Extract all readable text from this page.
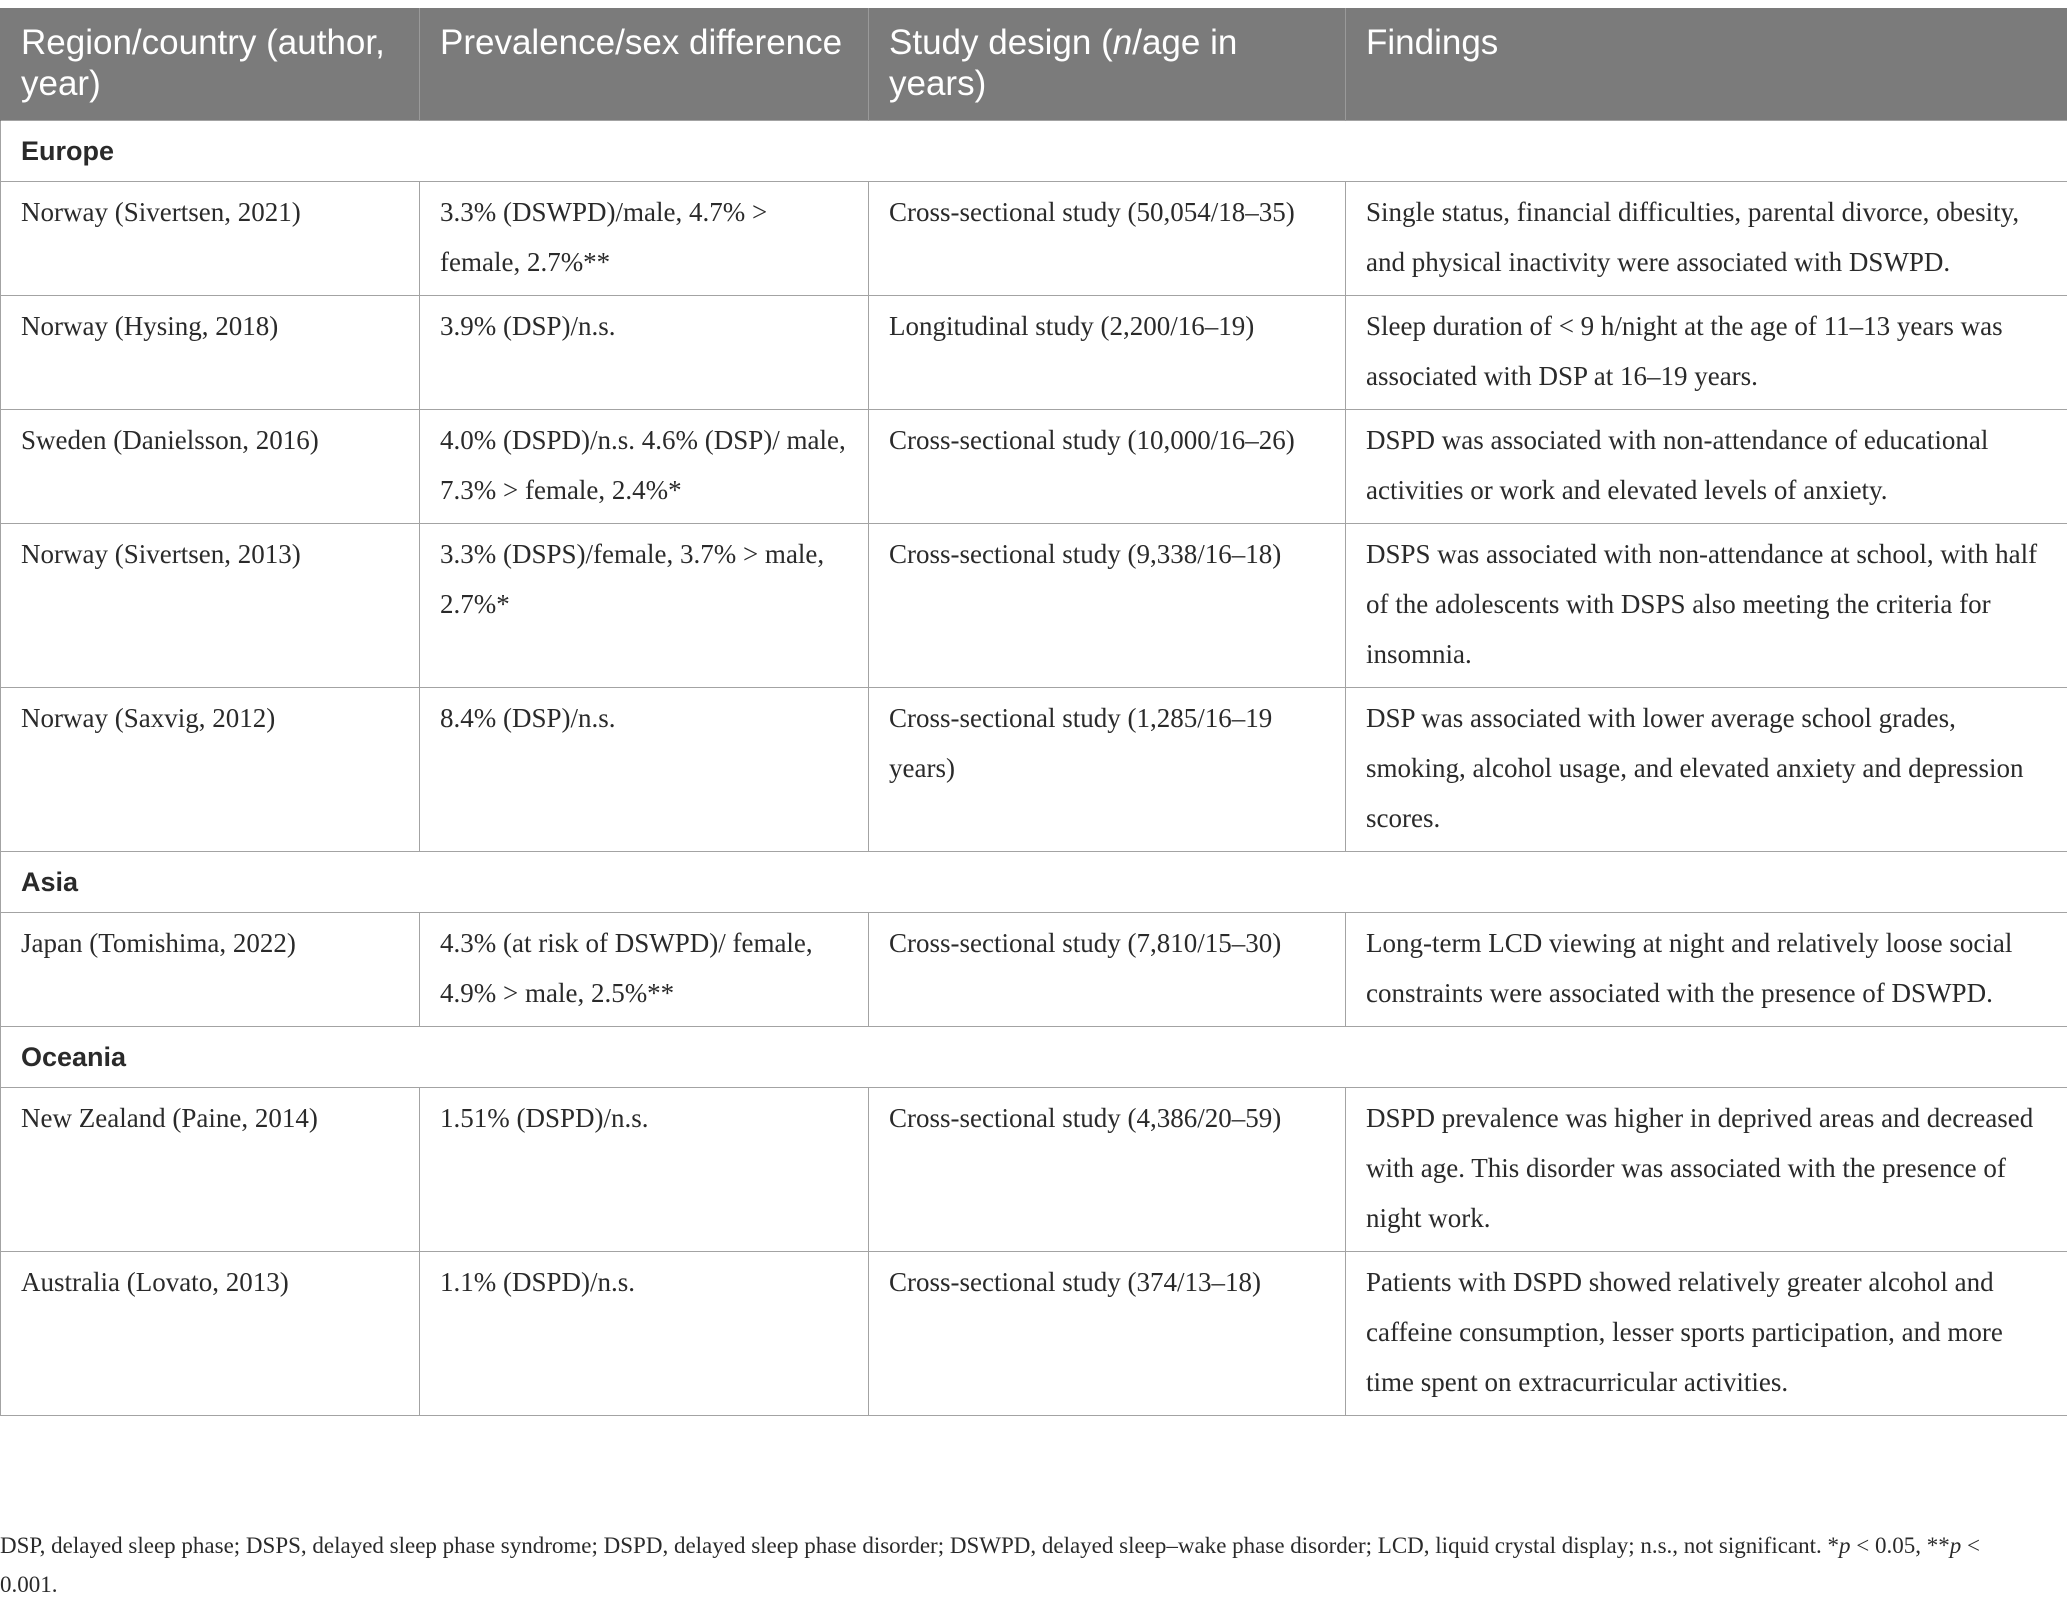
Region/country (author, year)	Prevalence/sex difference	Study design (n/age in years)	Findings
Europe			
Norway (Sivertsen, 2021)	3.3% (DSWPD)/male, 4.7% > female, 2.7%**	Cross-sectional study (50,054/18–35)	Single status, financial difficulties, parental divorce, obesity, and physical inactivity were associated with DSWPD.
Norway (Hysing, 2018)	3.9% (DSP)/n.s.	Longitudinal study (2,200/16–19)	Sleep duration of < 9 h/night at the age of 11–13 years was associated with DSP at 16–19 years.
Sweden (Danielsson, 2016)	4.0% (DSPD)/n.s. 4.6% (DSP)/ male, 7.3% > female, 2.4%*	Cross-sectional study (10,000/16–26)	DSPD was associated with non-attendance of educational activities or work and elevated levels of anxiety.
Norway (Sivertsen, 2013)	3.3% (DSPS)/female, 3.7% > male, 2.7%*	Cross-sectional study (9,338/16–18)	DSPS was associated with non-attendance at school, with half of the adolescents with DSPS also meeting the criteria for insomnia.
Norway (Saxvig, 2012)	8.4% (DSP)/n.s.	Cross-sectional study (1,285/16–19 years)	DSP was associated with lower average school grades, smoking, alcohol usage, and elevated anxiety and depression scores.
Asia			
Japan (Tomishima, 2022)	4.3% (at risk of DSWPD)/ female, 4.9% > male, 2.5%**	Cross-sectional study (7,810/15–30)	Long-term LCD viewing at night and relatively loose social constraints were associated with the presence of DSWPD.
Oceania			
New Zealand (Paine, 2014)	1.51% (DSPD)/n.s.	Cross-sectional study (4,386/20–59)	DSPD prevalence was higher in deprived areas and decreased with age. This disorder was associated with the presence of night work.
Australia (Lovato, 2013)	1.1% (DSPD)/n.s.	Cross-sectional study (374/13–18)	Patients with DSPD showed relatively greater alcohol and caffeine consumption, lesser sports participation, and more time spent on extracurricular activities.
DSP, delayed sleep phase; DSPS, delayed sleep phase syndrome; DSPD, delayed sleep phase disorder; DSWPD, delayed sleep–wake phase disorder; LCD, liquid crystal display; n.s., not significant. *p < 0.05, **p < 0.001.
